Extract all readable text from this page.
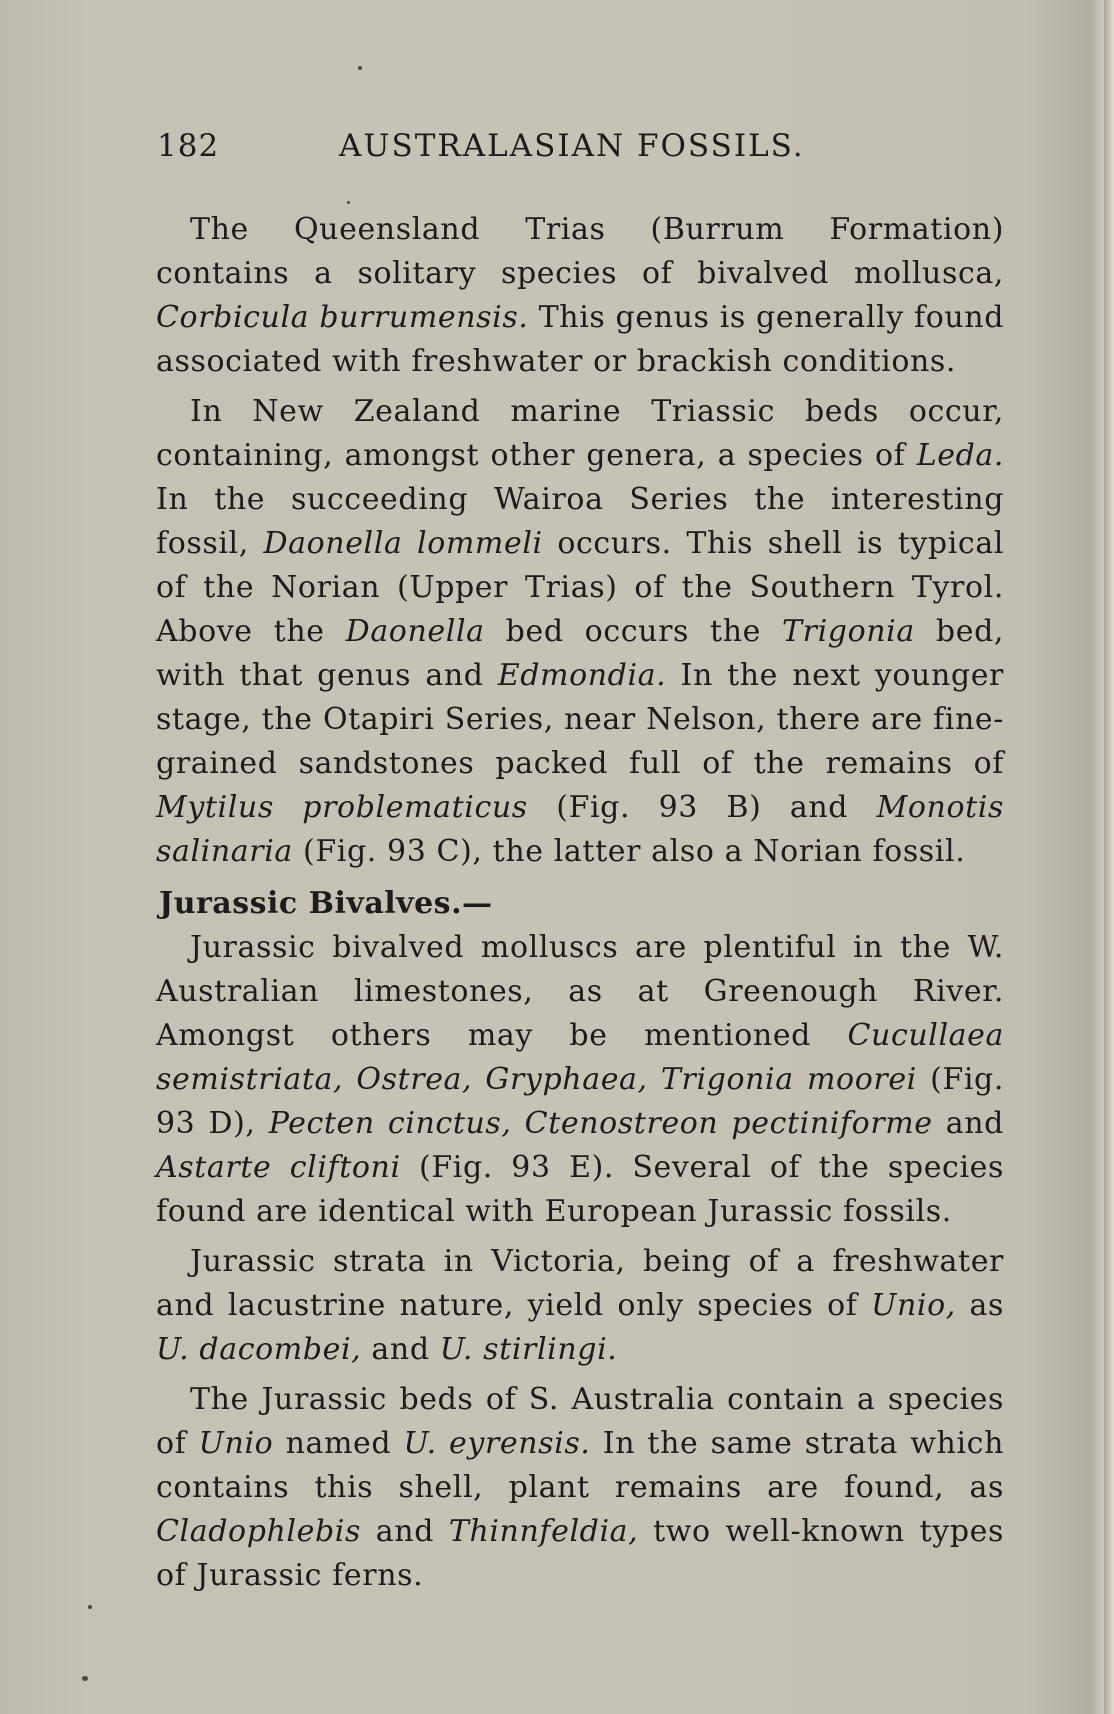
182	AUSTRALASIAN FOSSILS.

The Queensland Trias (Burrum Formation) contains a solitary species of bivalved mollusca, Corbicula burrumensis. This genus is generally found associated with freshwater or brackish conditions.

In New Zealand marine Triassic beds occur, containing, amongst other genera, a species of Leda. In the succeeding Wairoa Series the interesting fossil, Daonella lommeli occurs. This shell is typical of the Norian (Upper Trias) of the Southern Tyrol. Above the Daonella bed occurs the Trigonia bed, with that genus and Edmondia. In the next younger stage, the Otapiri Series, near Nelson, there are fine-grained sandstones packed full of the remains of Mytilus problematicus (Fig. 93 B) and Monotis salinaria (Fig. 93 C), the latter also a Norian fossil.

Jurassic Bivalves.—

Jurassic bivalved molluscs are plentiful in the W. Australian limestones, as at Greenough River. Amongst others may be mentioned Cucullaea semistriata, Ostrea, Gryphaea, Trigonia moorei (Fig. 93 D), Pecten cinctus, Ctenostreon pectiniforme and Astarte cliftoni (Fig. 93 E). Several of the species found are identical with European Jurassic fossils.

Jurassic strata in Victoria, being of a freshwater and lacustrine nature, yield only species of Unio, as U. dacombei, and U. stirlingi.

The Jurassic beds of S. Australia contain a species of Unio named U. eyrensis. In the same strata which contains this shell, plant remains are found, as Cladophlebis and Thinnfeldia, two well-known types of Jurassic ferns.
